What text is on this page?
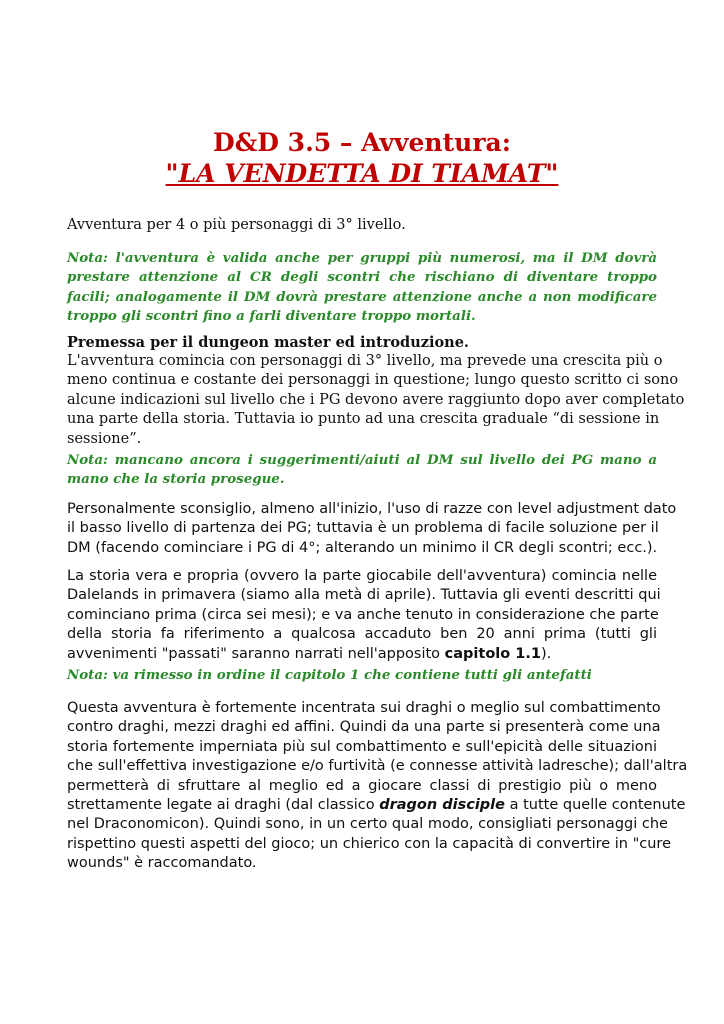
D&D 3.5 – Avventura:
"LA VENDETTA DI TIAMAT"
Avventura per 4 o più personaggi di 3° livello.
Nota: l'avventura è valida anche per gruppi più numerosi, ma il DM dovrà
prestare attenzione al CR degli scontri che rischiano di diventare troppo
facili; analogamente il DM dovrà prestare attenzione anche a non modificare
troppo gli scontri fino a farli diventare troppo mortali.
Premessa per il dungeon master ed introduzione.
L'avventura comincia con personaggi di 3° livello, ma prevede una crescita più o
meno continua e costante dei personaggi in questione; lungo questo scritto ci sono
alcune indicazioni sul livello che i PG devono avere raggiunto dopo aver completato
una parte della storia. Tuttavia io punto ad una crescita graduale “di sessione in
sessione”.
Nota: mancano ancora i suggerimenti/aiuti al DM sul livello dei PG mano a
mano che la storia prosegue.
Personalmente sconsiglio, almeno all'inizio, l'uso di razze con level adjustment dato
il basso livello di partenza dei PG; tuttavia è un problema di facile soluzione per il
DM (facendo cominciare i PG di 4°; alterando un minimo il CR degli scontri; ecc.).
La storia vera e propria (ovvero la parte giocabile dell'avventura) comincia nelle
Dalelands in primavera (siamo alla metà di aprile). Tuttavia gli eventi descritti qui
cominciano prima (circa sei mesi); e va anche tenuto in considerazione che parte
della storia fa riferimento a qualcosa accaduto ben 20 anni prima (tutti gli
avvenimenti "passati" saranno narrati nell'apposito capitolo 1.1).
Nota: va rimesso in ordine il capitolo 1 che contiene tutti gli antefatti
Questa avventura è fortemente incentrata sui draghi o meglio sul combattimento
contro draghi, mezzi draghi ed affini. Quindi da una parte si presenterà come una
storia fortemente imperniata più sul combattimento e sull'epicità delle situazioni
che sull'effettiva investigazione e/o furtività (e connesse attività ladresche); dall'altra
permetterà di sfruttare al meglio ed a giocare classi di prestigio più o meno
strettamente legate ai draghi (dal classico dragon disciple a tutte quelle contenute
nel Draconomicon). Quindi sono, in un certo qual modo, consigliati personaggi che
rispettino questi aspetti del gioco; un chierico con la capacità di convertire in "cure
wounds" è raccomandato.
